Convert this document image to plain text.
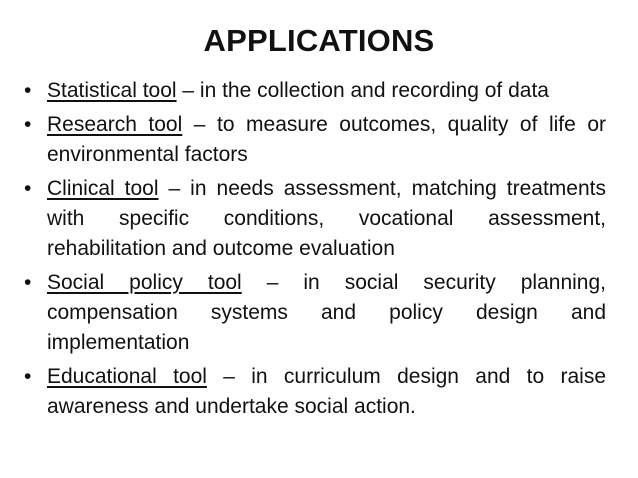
APPLICATIONS
• Statistical tool – in the collection and recording of data
• Research tool – to measure outcomes, quality of life or environmental factors
• Clinical tool – in needs assessment, matching treatments with specific conditions, vocational assessment, rehabilitation and outcome evaluation
• Social policy tool – in social security planning, compensation systems and policy design and implementation
• Educational tool – in curriculum design and to raise awareness and undertake social action.
